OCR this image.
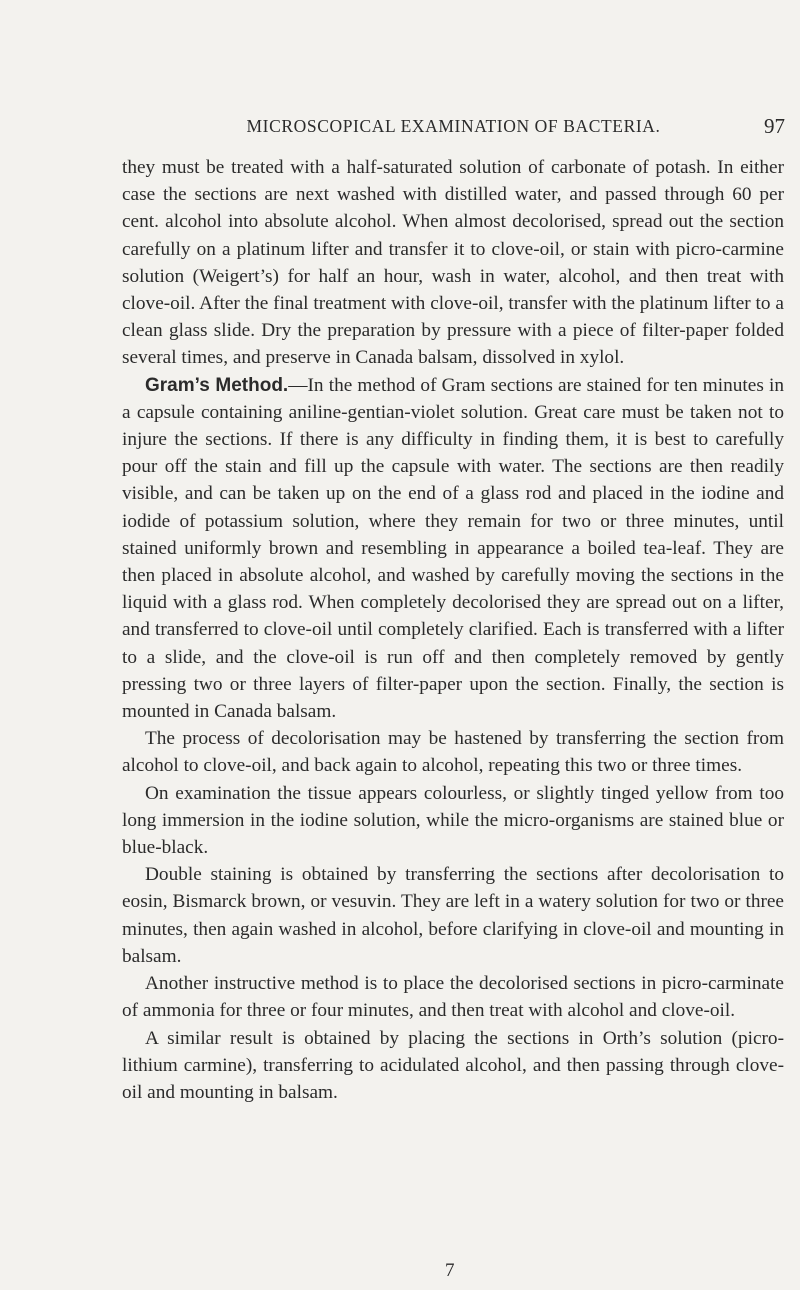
MICROSCOPICAL EXAMINATION OF BACTERIA.	97

they must be treated with a half-saturated solution of carbonate of potash. In either case the sections are next washed with distilled water, and passed through 60 per cent. alcohol into absolute alcohol. When almost decolorised, spread out the section carefully on a platinum lifter and transfer it to clove-oil, or stain with picro-carmine solution (Weigert’s) for half an hour, wash in water, alcohol, and then treat with clove-oil. After the final treatment with clove-oil, transfer with the platinum lifter to a clean glass slide. Dry the preparation by pressure with a piece of filter-paper folded several times, and preserve in Canada balsam, dissolved in xylol.

Gram’s Method.—In the method of Gram sections are stained for ten minutes in a capsule containing aniline-gentian-violet solution. Great care must be taken not to injure the sections. If there is any difficulty in finding them, it is best to carefully pour off the stain and fill up the capsule with water. The sections are then readily visible, and can be taken up on the end of a glass rod and placed in the iodine and iodide of potassium solution, where they remain for two or three minutes, until stained uniformly brown and resembling in appearance a boiled tea-leaf. They are then placed in absolute alcohol, and washed by carefully moving the sections in the liquid with a glass rod. When completely decolorised they are spread out on a lifter, and transferred to clove-oil until completely clarified. Each is transferred with a lifter to a slide, and the clove-oil is run off and then completely removed by gently pressing two or three layers of filter-paper upon the section. Finally, the section is mounted in Canada balsam.

The process of decolorisation may be hastened by transferring the section from alcohol to clove-oil, and back again to alcohol, repeating this two or three times.

On examination the tissue appears colourless, or slightly tinged yellow from too long immersion in the iodine solution, while the micro-organisms are stained blue or blue-black.

Double staining is obtained by transferring the sections after decolorisation to eosin, Bismarck brown, or vesuvin. They are left in a watery solution for two or three minutes, then again washed in alcohol, before clarifying in clove-oil and mounting in balsam.

Another instructive method is to place the decolorised sections in picro-carminate of ammonia for three or four minutes, and then treat with alcohol and clove-oil.

A similar result is obtained by placing the sections in Orth’s solution (picro-lithium carmine), transferring to acidulated alcohol, and then passing through clove-oil and mounting in balsam.

7
